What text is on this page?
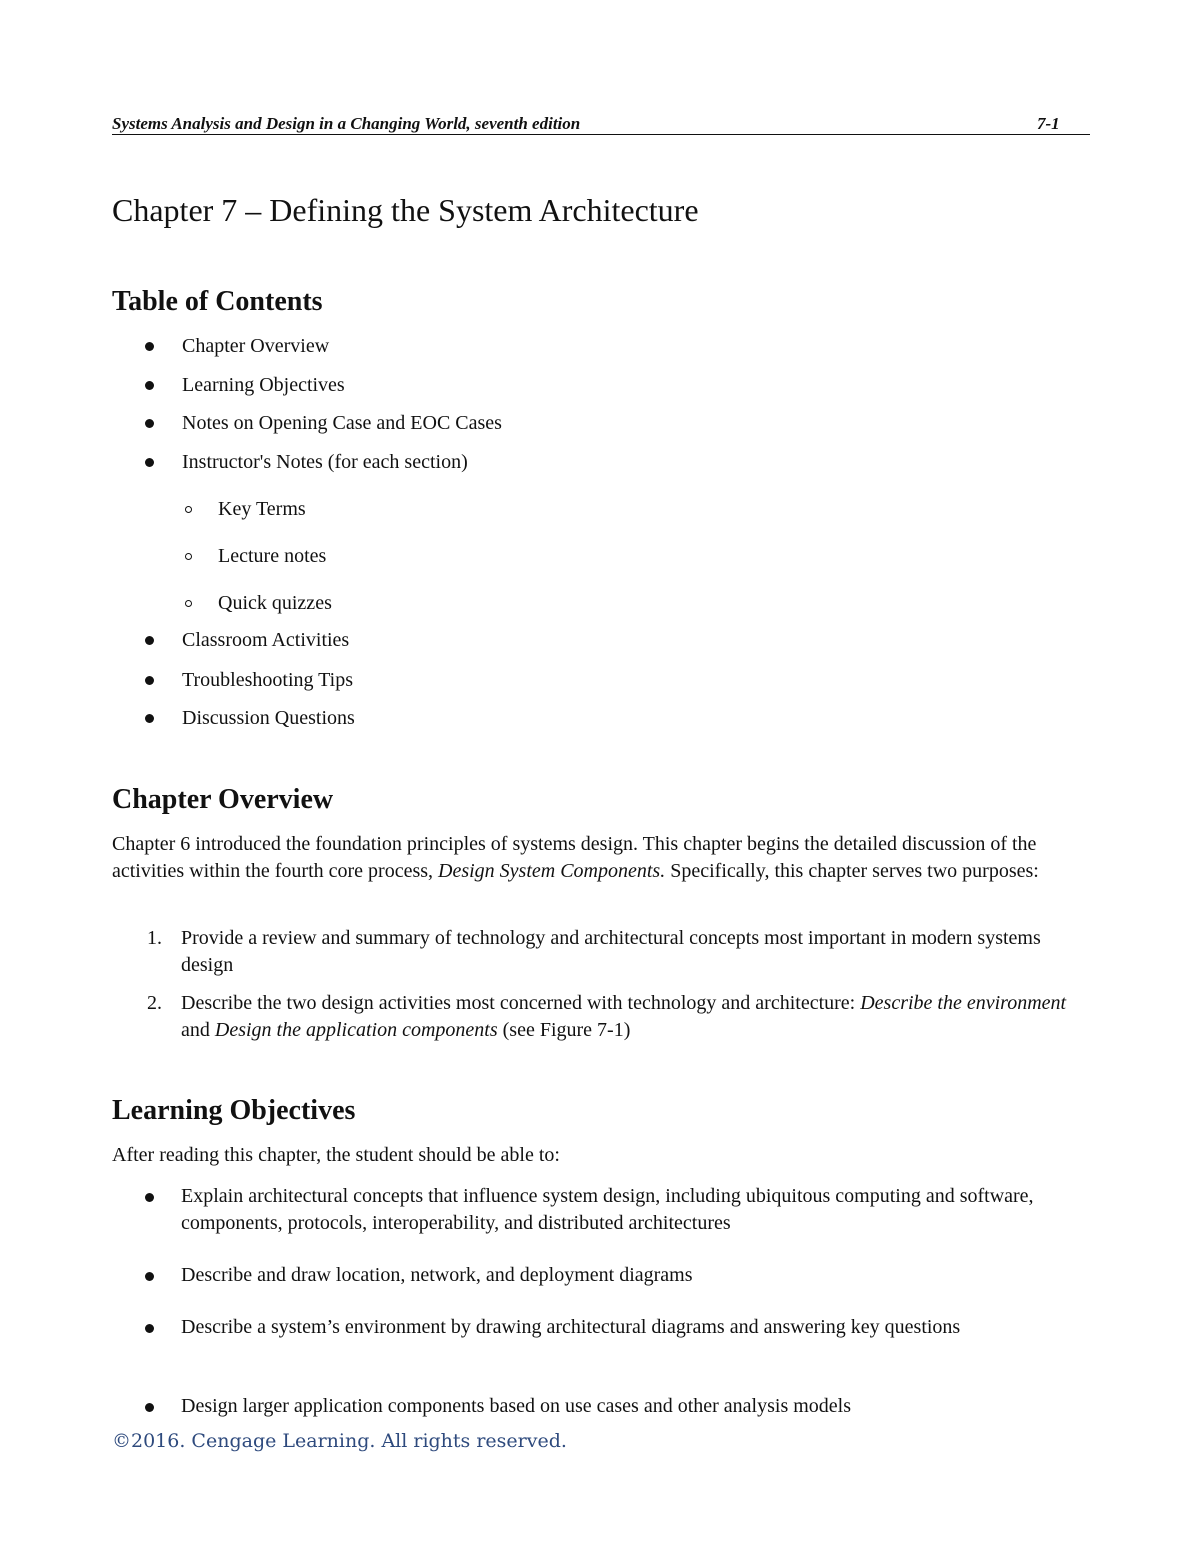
Systems Analysis and Design in a Changing World, seventh edition	7-1
Chapter 7 – Defining the System Architecture
Table of Contents
Chapter Overview
Learning Objectives
Notes on Opening Case and EOC Cases
Instructor's Notes (for each section)
Key Terms
Lecture notes
Quick quizzes
Classroom Activities
Troubleshooting Tips
Discussion Questions
Chapter Overview

Chapter 6 introduced the foundation principles of systems design. This chapter begins the detailed discussion of the activities within the fourth core process, Design System Components. Specifically, this chapter serves two purposes:

1. Provide a review and summary of technology and architectural concepts most important in modern systems design
2. Describe the two design activities most concerned with technology and architecture: Describe the environment and Design the application components (see Figure 7-1)
Learning Objectives

After reading this chapter, the student should be able to:

Explain architectural concepts that influence system design, including ubiquitous computing and software, components, protocols, interoperability, and distributed architectures
Describe and draw location, network, and deployment diagrams
Describe a system’s environment by drawing architectural diagrams and answering key questions
Design larger application components based on use cases and other analysis models
©2016. Cengage Learning. All rights reserved.
